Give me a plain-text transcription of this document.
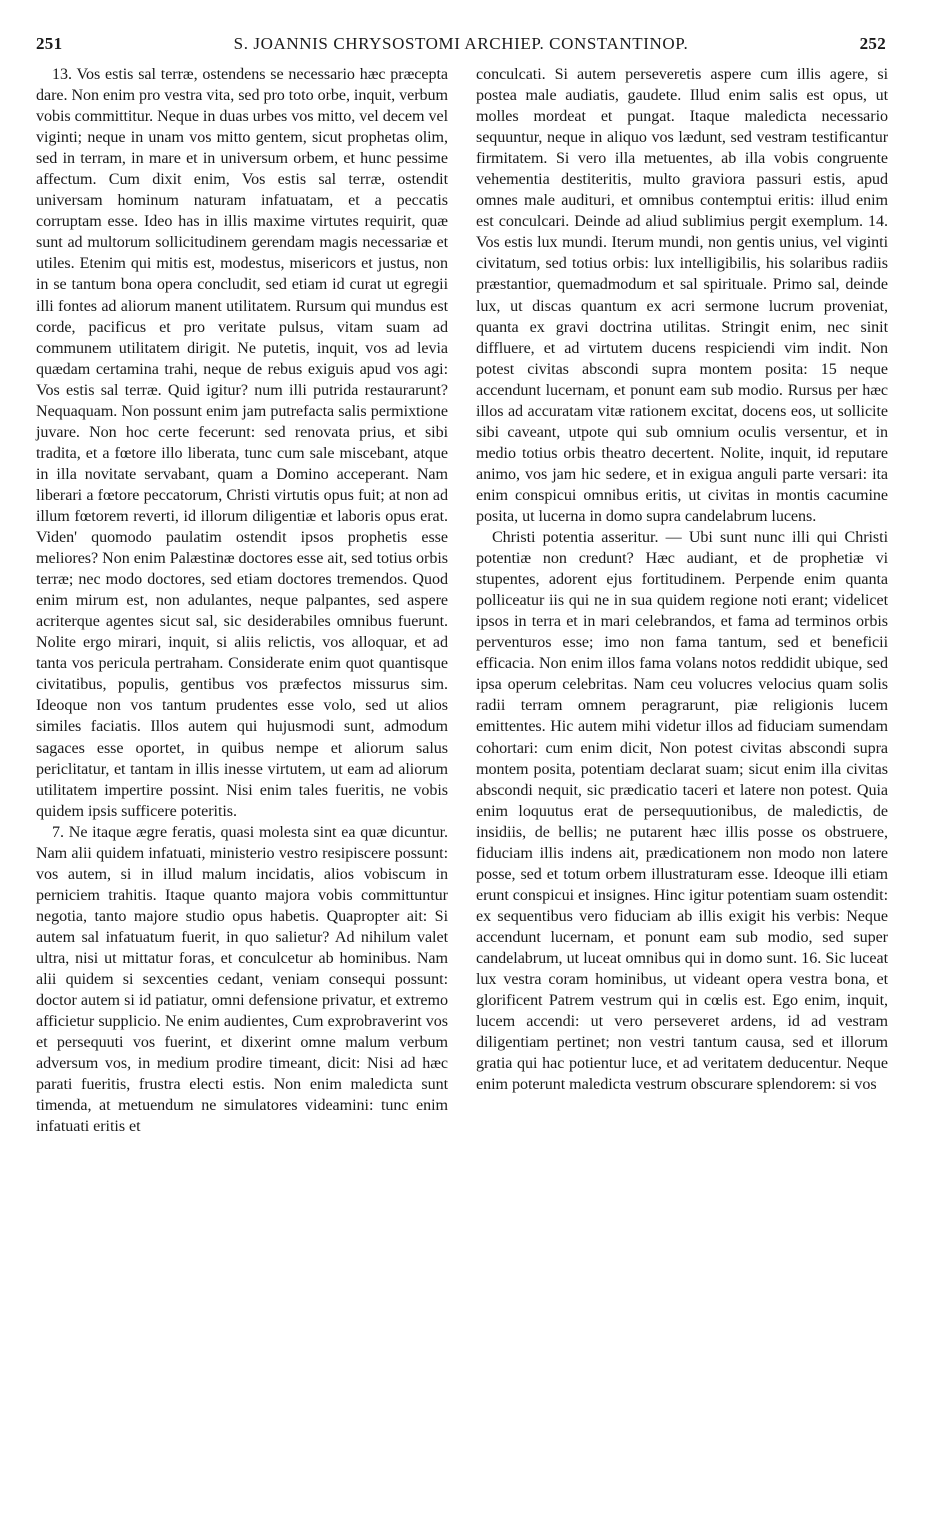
251	S. JOANNIS CHRYSOSTOMI ARCHIEP. CONSTANTINOP.	252

13. Vos estis sal terræ, ostendens se necessario hæc præcepta dare. Non enim pro vestra vita, sed pro toto orbe, inquit, verbum vobis committitur. Neque in duas urbes vos mitto, vel decem vel viginti; neque in unam vos mitto gentem, sicut prophetas olim, sed in terram, in mare et in universum orbem, et hunc pessime affectum. Cum dixit enim, Vos estis sal terræ, ostendit universam hominum naturam infatuatam, et a peccatis corruptam esse. Ideo has in illis maxime virtutes requirit, quæ sunt ad multorum sollicitudinem gerendam magis necessariæ et utiles. Etenim qui mitis est, modestus, misericors et justus, non in se tantum bona opera concludit, sed etiam id curat ut egregii illi fontes ad aliorum manent utilitatem. Rursum qui mundus est corde, pacificus et pro veritate pulsus, vitam suam ad communem utilitatem dirigit. Ne putetis, inquit, vos ad levia quædam certamina trahi, neque de rebus exiguis apud vos agi: Vos estis sal terræ. Quid igitur? num illi putrida restaurarunt? Nequaquam. Non possunt enim jam putrefacta salis permixtione juvare. Non hoc certe fecerunt: sed renovata prius, et sibi tradita, et a fœtore illo liberata, tunc cum sale miscebant, atque in illa novitate servabant, quam a Domino acceperant. Nam liberari a fœtore peccatorum, Christi virtutis opus fuit; at non ad illum fœtorem reverti, id illorum diligentiæ et laboris opus erat. Viden' quomodo paulatim ostendit ipsos prophetis esse meliores? Non enim Palæstinæ doctores esse ait, sed totius orbis terræ; nec modo doctores, sed etiam doctores tremendos. Quod enim mirum est, non adulantes, neque palpantes, sed aspere acriterque agentes sicut sal, sic desiderabiles omnibus fuerunt. Nolite ergo mirari, inquit, si aliis relictis, vos alloquar, et ad tanta vos pericula pertraham. Considerate enim quot quantisque civitatibus, populis, gentibus vos præfectos missurus sim. Ideoque non vos tantum prudentes esse volo, sed ut alios similes faciatis. Illos autem qui hujusmodi sunt, admodum sagaces esse oportet, in quibus nempe et aliorum salus periclitatur, et tantam in illis inesse virtutem, ut eam ad aliorum utilitatem impertire possint. Nisi enim tales fueritis, ne vobis quidem ipsis sufficere poteritis.

7. Ne itaque ægre feratis, quasi molesta sint ea quæ dicuntur. Nam alii quidem infatuati, ministerio vestro resipiscere possunt: vos autem, si in illud malum incidatis, alios vobiscum in perniciem trahitis. Itaque quanto majora vobis committuntur negotia, tanto majore studio opus habetis. Quapropter ait: Si autem sal infatuatum fuerit, in quo salietur? Ad nihilum valet ultra, nisi ut mittatur foras, et conculcetur ab hominibus. Nam alii quidem si sexcenties cedant, veniam consequi possunt: doctor autem si id patiatur, omni defensione privatur, et extremo afficietur supplicio. Ne enim audientes, Cum exprobraverint vos et persequuti vos fuerint, et dixerint omne malum verbum adversum vos, in medium prodire timeant, dicit: Nisi ad hæc parati fueritis, frustra electi estis. Non enim maledicta sunt timenda, at metuendum ne simulatores videamini: tunc enim infatuati eritis et

conculcati. Si autem perseveretis aspere cum illis agere, si postea male audiatis, gaudete. Illud enim salis est opus, ut molles mordeat et pungat. Itaque maledicta necessario sequuntur, neque in aliquo vos lædunt, sed vestram testificantur firmitatem. Si vero illa metuentes, ab illa vobis congruente vehementia destiteritis, multo graviora passuri estis, apud omnes male audituri, et omnibus contemptui eritis: illud enim est conculcari. Deinde ad aliud sublimius pergit exemplum. 14. Vos estis lux mundi. Iterum mundi, non gentis unius, vel viginti civitatum, sed totius orbis: lux intelligibilis, his solaribus radiis præstantior, quemadmodum et sal spirituale. Primo sal, deinde lux, ut discas quantum ex acri sermone lucrum proveniat, quanta ex gravi doctrina utilitas. Stringit enim, nec sinit diffluere, et ad virtutem ducens respiciendi vim indit. Non potest civitas abscondi supra montem posita: 15 neque accendunt lucernam, et ponunt eam sub modio. Rursus per hæc illos ad accuratam vitæ rationem excitat, docens eos, ut sollicite sibi caveant, utpote qui sub omnium oculis versentur, et in medio totius orbis theatro decertent. Nolite, inquit, id reputare animo, vos jam hic sedere, et in exigua anguli parte versari: ita enim conspicui omnibus eritis, ut civitas in montis cacumine posita, ut lucerna in domo supra candelabrum lucens.

Christi potentia asseritur. — Ubi sunt nunc illi qui Christi potentiæ non credunt? Hæc audiant, et de prophetiæ vi stupentes, adorent ejus fortitudinem. Perpende enim quanta polliceatur iis qui ne in sua quidem regione noti erant; videlicet ipsos in terra et in mari celebrandos, et fama ad terminos orbis perventuros esse; imo non fama tantum, sed et beneficii efficacia. Non enim illos fama volans notos reddidit ubique, sed ipsa operum celebritas. Nam ceu volucres velocius quam solis radii terram omnem peragrarunt, piæ religionis lucem emittentes. Hic autem mihi videtur illos ad fiduciam sumendam cohortari: cum enim dicit, Non potest civitas abscondi supra montem posita, potentiam declarat suam; sicut enim illa civitas abscondi nequit, sic prædicatio taceri et latere non potest. Quia enim loquutus erat de persequutionibus, de maledictis, de insidiis, de bellis; ne putarent hæc illis posse os obstruere, fiduciam illis indens ait, prædicationem non modo non latere posse, sed et totum orbem illustraturam esse. Ideoque illi etiam erunt conspicui et insignes. Hinc igitur potentiam suam ostendit: ex sequentibus vero fiduciam ab illis exigit his verbis: Neque accendunt lucernam, et ponunt eam sub modio, sed super candelabrum, ut luceat omnibus qui in domo sunt. 16. Sic luceat lux vestra coram hominibus, ut videant opera vestra bona, et glorificent Patrem vestrum qui in cœlis est. Ego enim, inquit, lucem accendi: ut vero perseveret ardens, id ad vestram diligentiam pertinet; non vestri tantum causa, sed et illorum gratia qui hac potientur luce, et ad veritatem deducentur. Neque enim poterunt maledicta vestrum obscurare splendorem: si vos
